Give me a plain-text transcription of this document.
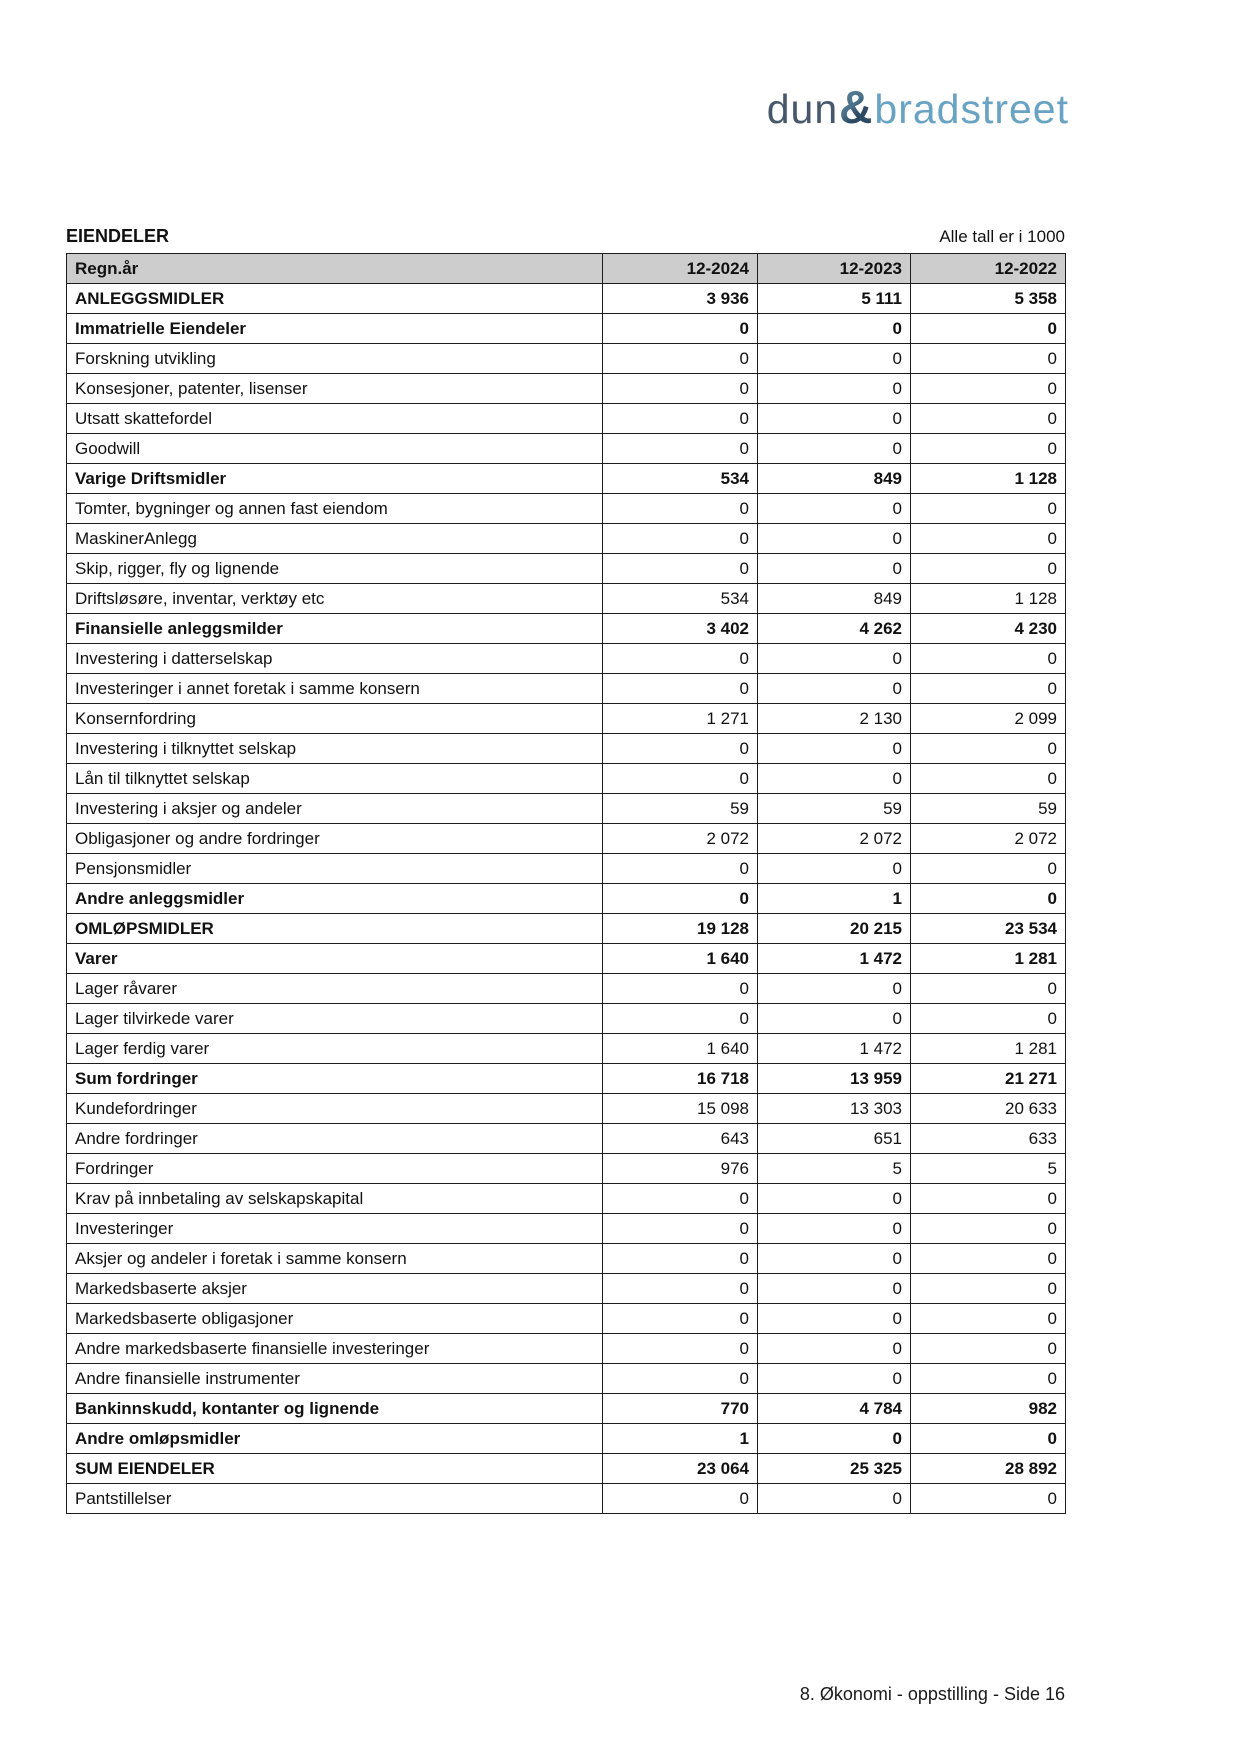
dun&bradstreet
EIENDELER	Alle tall er i 1000
Regn.år	12-2024	12-2023	12-2022
ANLEGGSMIDLER	3 936	5 111	5 358
Immatrielle Eiendeler	0	0	0
Forskning utvikling	0	0	0
Konsesjoner, patenter, lisenser	0	0	0
Utsatt skattefordel	0	0	0
Goodwill	0	0	0
Varige Driftsmidler	534	849	1 128
Tomter, bygninger og annen fast eiendom	0	0	0
MaskinerAnlegg	0	0	0
Skip, rigger, fly og lignende	0	0	0
Driftsløsøre, inventar, verktøy etc	534	849	1 128
Finansielle anleggsmilder	3 402	4 262	4 230
Investering i datterselskap	0	0	0
Investeringer i annet foretak i samme konsern	0	0	0
Konsernfordring	1 271	2 130	2 099
Investering i tilknyttet selskap	0	0	0
Lån til tilknyttet selskap	0	0	0
Investering i aksjer og andeler	59	59	59
Obligasjoner og andre fordringer	2 072	2 072	2 072
Pensjonsmidler	0	0	0
Andre anleggsmidler	0	1	0
OMLØPSMIDLER	19 128	20 215	23 534
Varer	1 640	1 472	1 281
Lager råvarer	0	0	0
Lager tilvirkede varer	0	0	0
Lager ferdig varer	1 640	1 472	1 281
Sum fordringer	16 718	13 959	21 271
Kundefordringer	15 098	13 303	20 633
Andre fordringer	643	651	633
Fordringer	976	5	5
Krav på innbetaling av selskapskapital	0	0	0
Investeringer	0	0	0
Aksjer og andeler i foretak i samme konsern	0	0	0
Markedsbaserte aksjer	0	0	0
Markedsbaserte obligasjoner	0	0	0
Andre markedsbaserte finansielle investeringer	0	0	0
Andre finansielle instrumenter	0	0	0
Bankinnskudd, kontanter og lignende	770	4 784	982
Andre omløpsmidler	1	0	0
SUM EIENDELER	23 064	25 325	28 892
Pantstillelser	0	0	0
8. Økonomi - oppstilling - Side 16
